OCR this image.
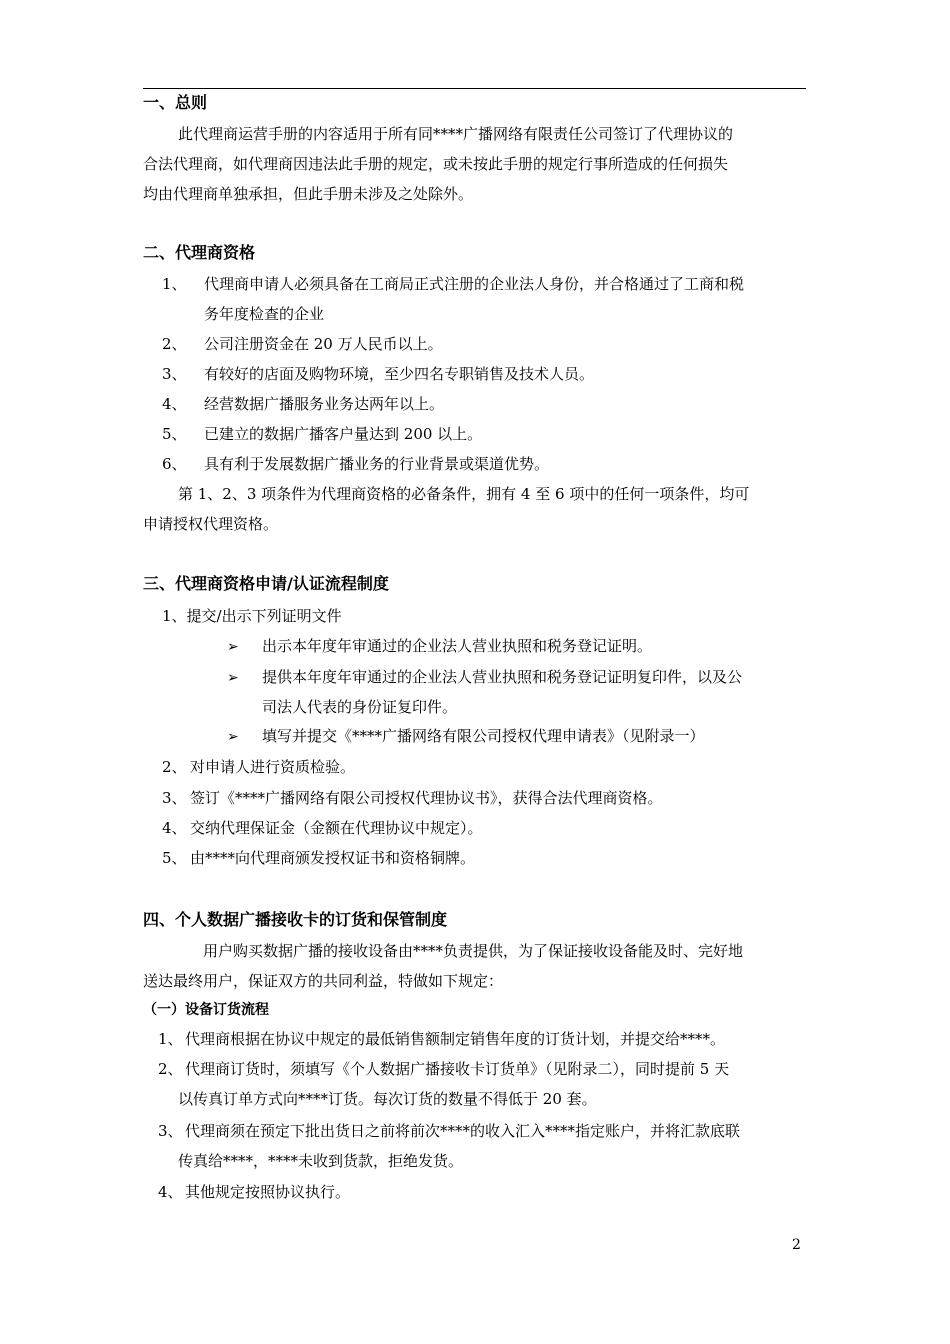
一、总则
此代理商运营手册的内容适用于所有同****广播网络有限责任公司签订了代理协议的
合法代理商，如代理商因违法此手册的规定，或未按此手册的规定行事所造成的任何损失
均由代理商单独承担，但此手册未涉及之处除外。
二、代理商资格
1、 代理商申请人必须具备在工商局正式注册的企业法人身份，并合格通过了工商和税
务年度检查的企业
2、 公司注册资金在 20 万人民币以上。
3、 有较好的店面及购物环境，至少四名专职销售及技术人员。
4、 经营数据广播服务业务达两年以上。
5、 已建立的数据广播客户量达到 200 以上。
6、 具有利于发展数据广播业务的行业背景或渠道优势。
第 1、2、3 项条件为代理商资格的必备条件，拥有 4 至 6 项中的任何一项条件，均可
申请授权代理资格。
三、代理商资格申请/认证流程制度
1、提交/出示下列证明文件
➢ 出示本年度年审通过的企业法人营业执照和税务登记证明。
➢ 提供本年度年审通过的企业法人营业执照和税务登记证明复印件，以及公
司法人代表的身份证复印件。
➢ 填写并提交《****广播网络有限公司授权代理申请表》（见附录一）
2、 对申请人进行资质检验。
3、 签订《****广播网络有限公司授权代理协议书》，获得合法代理商资格。
4、 交纳代理保证金（金额在代理协议中规定）。
5、 由****向代理商颁发授权证书和资格铜牌。
四、个人数据广播接收卡的订货和保管制度
用户购买数据广播的接收设备由****负责提供，为了保证接收设备能及时、完好地
送达最终用户，保证双方的共同利益，特做如下规定：
（一）设备订货流程
1、 代理商根据在协议中规定的最低销售额制定销售年度的订货计划，并提交给****。
2、 代理商订货时，须填写《个人数据广播接收卡订货单》（见附录二），同时提前 5 天
以传真订单方式向****订货。每次订货的数量不得低于 20 套。
3、 代理商须在预定下批出货日之前将前次****的收入汇入****指定账户，并将汇款底联
传真给****，****未收到货款，拒绝发货。
4、 其他规定按照协议执行。
2
